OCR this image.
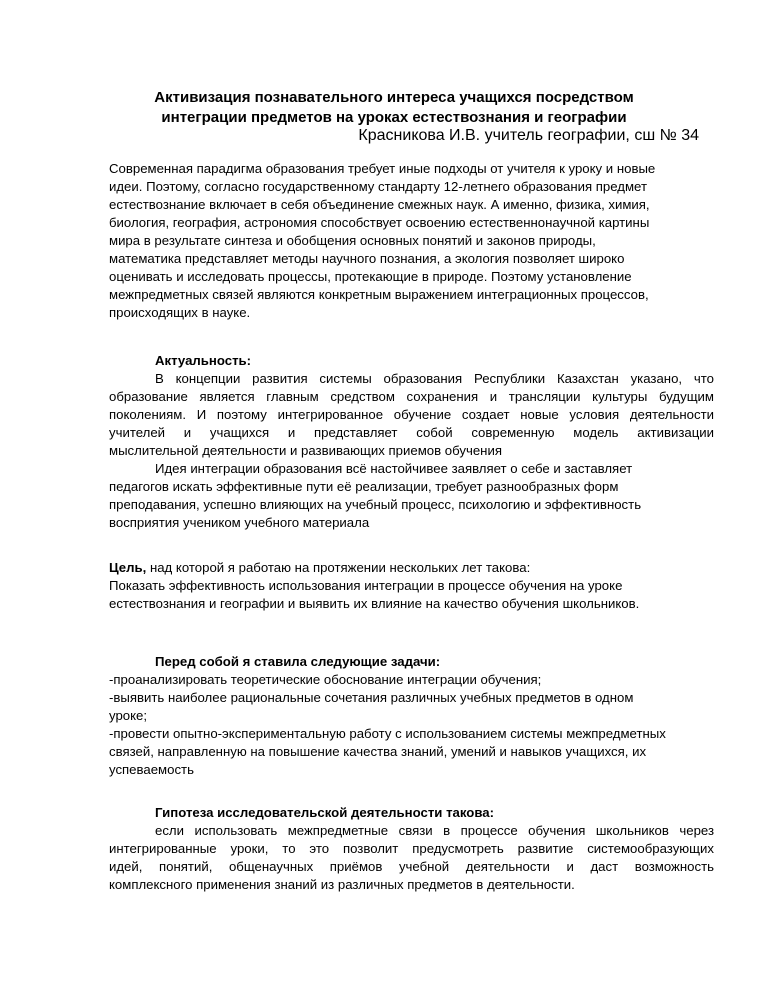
Активизация познавательного интереса учащихся посредством
интеграции предметов на уроках естествознания и географии
Красникова И.В. учитель географии, сш № 34
Современная парадигма образования требует иные подходы от учителя к уроку и новые
идеи. Поэтому, согласно государственному стандарту 12-летнего образования предмет
естествознание включает в себя объединение смежных наук. А именно, физика, химия,
биология, география, астрономия способствует освоению естественнонаучной картины
мира в результате синтеза и обобщения основных понятий и законов природы,
математика представляет методы научного познания, а экология позволяет широко
оценивать и исследовать процессы, протекающие в природе. Поэтому установление
межпредметных связей являются конкретным выражением интеграционных процессов,
происходящих в науке.
Актуальность:
В концепции развития системы образования Республики Казахстан указано, что
образование является главным средством сохранения и трансляции культуры будущим
поколениям. И поэтому интегрированное обучение создает новые условия деятельности
учителей и учащихся и представляет собой современную модель активизации
мыслительной деятельности и развивающих приемов обучения
Идея интеграции образования всё настойчивее заявляет о себе и заставляет
педагогов искать эффективные пути её реализации, требует разнообразных форм
преподавания, успешно влияющих на учебный процесс, психологию и эффективность
восприятия учеником учебного материала
Цель, над которой я работаю на протяжении нескольких лет такова:
Показать эффективность использования интеграции в процессе обучения на уроке
естествознания и географии и выявить их влияние на качество обучения школьников.
Перед собой я ставила следующие задачи:
-проанализировать теоретические обоснование интеграции обучения;
-выявить наиболее рациональные сочетания различных учебных предметов в одном
уроке;
-провести опытно-экспериментальную работу с использованием системы межпредметных
связей, направленную на повышение качества знаний, умений и навыков учащихся, их
успеваемость
Гипотеза исследовательской деятельности такова:
если использовать межпредметные связи в процессе обучения школьников через
интегрированные уроки, то это позволит предусмотреть развитие системообразующих
идей, понятий, общенаучных приёмов учебной деятельности и даст возможность
комплексного применения знаний из различных предметов в деятельности.
